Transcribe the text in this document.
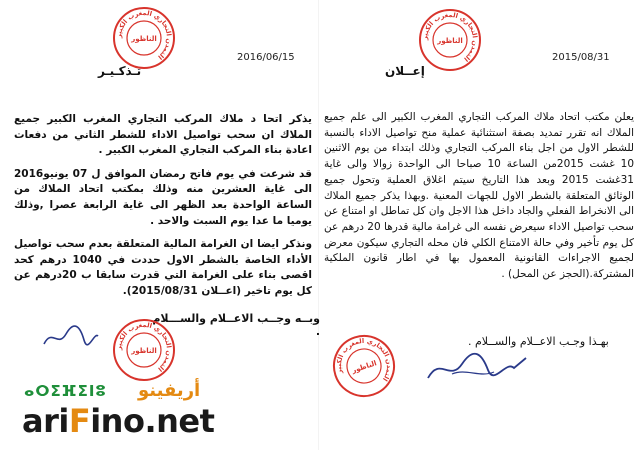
التمدن التجاري المغرب الكبير
الناظور
2016/06/15
تـذكـيـر

يذكر اتحا د ملاك المركب التجاري المغرب الكبير جميع الملاك ان سحب تواصيل الاداء للشطر الثاني من دفعات اعادة بناء المركب التجاري المغرب الكبير .

قد شرعت في يوم فاتح رمضان الموافق ل 07 يونيو2016 الى غاية العشرين منه وذلك بمكتب اتحاد الملاك من الساعة الواحدة بعد الظهر الى غاية الرابعة عصرا ,وذلك يوميا ما عدا يوم السبت والاحد .

ونذكر ايضا ان الغرامة المالية المتعلقة بعدم سحب تواصيل الأداء الخاصة بالشطر الاول حددت في 1040 درهم كحد اقصى بناء على الغرامة التي قدرت سابقا ب 20درهم عن كل يوم تاخير (اعــلان 2015/08/31).

وبــه وجــب الاعــلام والســـلام .
التمدن التجاري المغرب الكبير
الناظور
التمدن التجاري المغرب الكبير
الناظور
2015/08/31
إعــلان

يعلن مكتب اتحاد ملاك المركب التجاري المغرب الكبير الى علم جميع الملاك انه تقرر تمديد بصفة استثنائية عملية منح تواصيل الاداء بالنسبة للشطر الاول من اجل بناء المركب التجاري وذلك ابتداء من يوم الاثنين 10 غشت 2015من الساعة 10 صباحا الى الواحدة زوالا والى غاية 31غشت 2015 وبعد هذا التاريخ سيتم اغلاق العملية وتحول جميع الوثائق المتعلقة بالشطر الاول للجهات المعنية .وبهذا يذكر جميع الملاك الى الانخراط الفعلي والجاد داخل هذا الاجل وان كل تماطل او امتناع عن سحب تواصيل الاداء سيعرض نفسه الى غرامة مالية قدرها 20 درهم عن كل يوم تأخير وفي حالة الامتناع الكلي فان محله التجاري سيكون معرض لجميع الاجراءات القانونية المعمول بها في اطار قانون الملكية المشتركة.(الحجز عن المحل) .

بهـذا وجـب الاعــلام والســلام .
التمدن التجاري المغرب الكبير
الناظور
ⴰⵔⵉⴼⵉⵏⵓ أريفينو
ariFino.net
